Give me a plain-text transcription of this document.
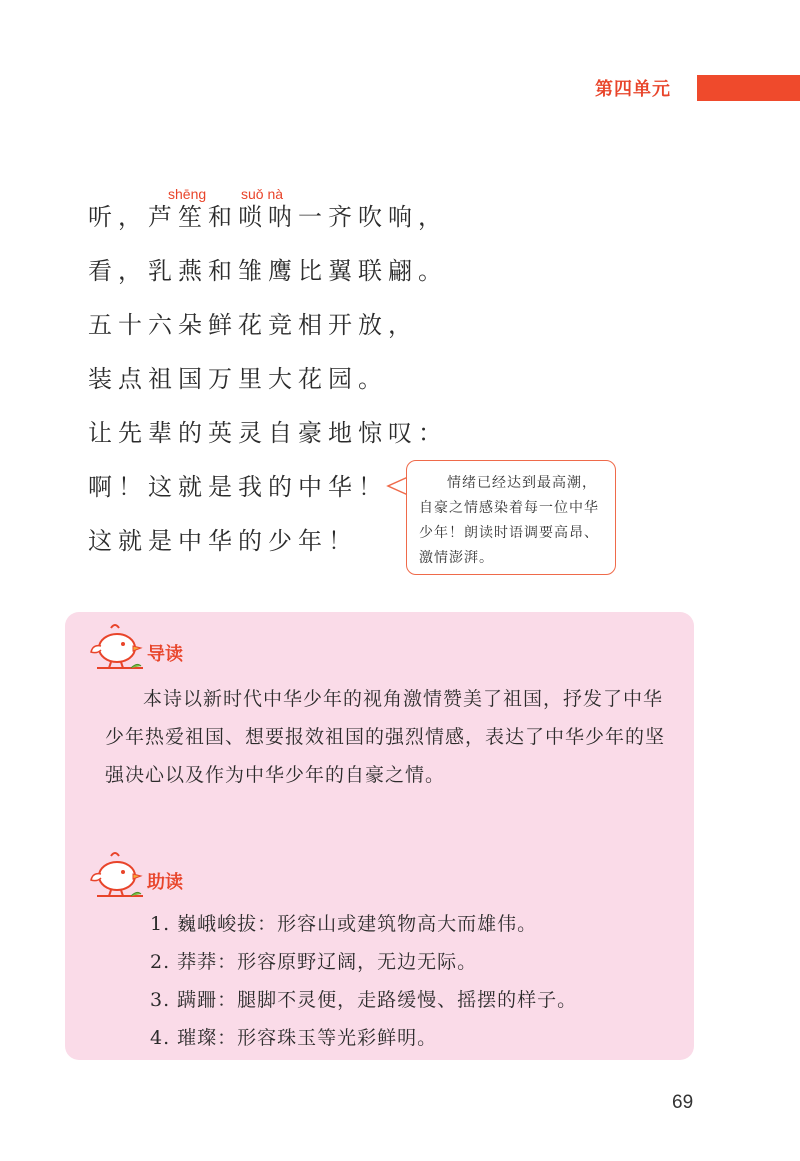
第四单元
shēng suǒ nà
听，芦笙和唢呐一齐吹响，
看，乳燕和雏鹰比翼联翩。
五十六朵鲜花竞相开放，
装点祖国万里大花园。
让先辈的英灵自豪地惊叹：
啊！这就是我的中华！
这就是中华的少年！
情绪已经达到最高潮，自豪之情感染着每一位中华少年！朗读时语调要高昂、激情澎湃。
导读
本诗以新时代中华少年的视角激情赞美了祖国，抒发了中华少年热爱祖国、想要报效祖国的强烈情感，表达了中华少年的坚强决心以及作为中华少年的自豪之情。
助读
1. 巍峨峻拔：形容山或建筑物高大而雄伟。
2. 莽莽：形容原野辽阔，无边无际。
3. 蹒跚：腿脚不灵便，走路缓慢、摇摆的样子。
4. 璀璨：形容珠玉等光彩鲜明。
69
